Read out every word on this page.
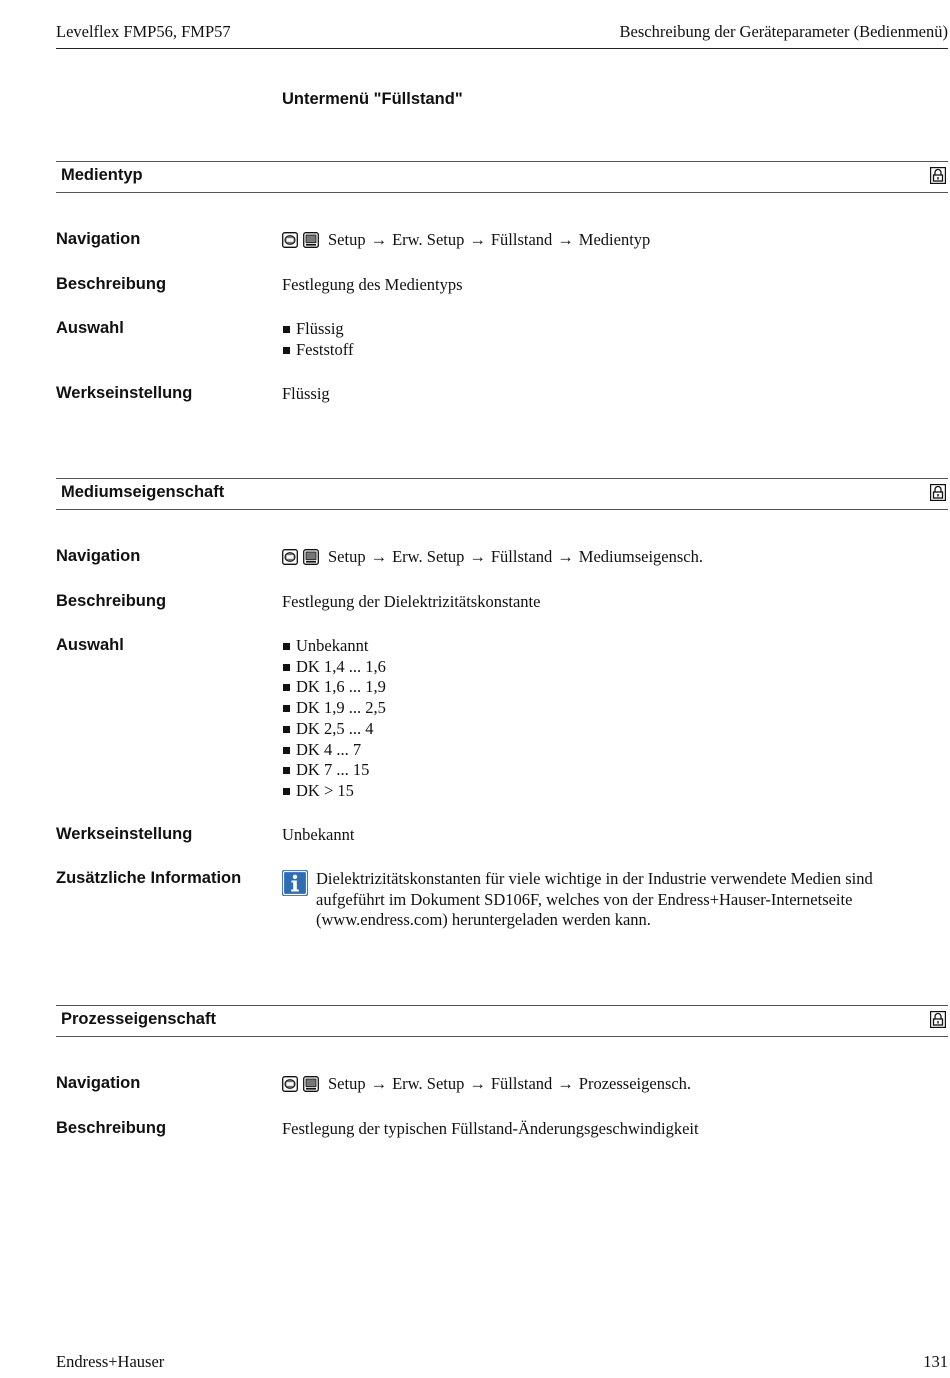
Levelflex FMP56, FMP57	Beschreibung der Geräteparameter (Bedienmenü)
Untermenü "Füllstand"
Medientyp
Navigation	Setup → Erw. Setup → Füllstand → Medientyp
Beschreibung	Festlegung des Medientyps
Auswahl	Flüssig
Feststoff
Werkseinstellung	Flüssig
Mediumseigenschaft
Navigation	Setup → Erw. Setup → Füllstand → Mediumseigensch.
Beschreibung	Festlegung der Dielektrizitätskonstante
Auswahl	Unbekannt
DK 1,4 ... 1,6
DK 1,6 ... 1,9
DK 1,9 ... 2,5
DK 2,5 ... 4
DK 4 ... 7
DK 7 ... 15
DK > 15
Werkseinstellung	Unbekannt
Zusätzliche Information	Dielektrizitätskonstanten für viele wichtige in der Industrie verwendete Medien sind aufgeführt im Dokument SD106F, welches von der Endress+Hauser-Internetseite (www.endress.com) heruntergeladen werden kann.
Prozesseigenschaft
Navigation	Setup → Erw. Setup → Füllstand → Prozesseigensch.
Beschreibung	Festlegung der typischen Füllstand-Änderungsgeschwindigkeit
Endress+Hauser	131
